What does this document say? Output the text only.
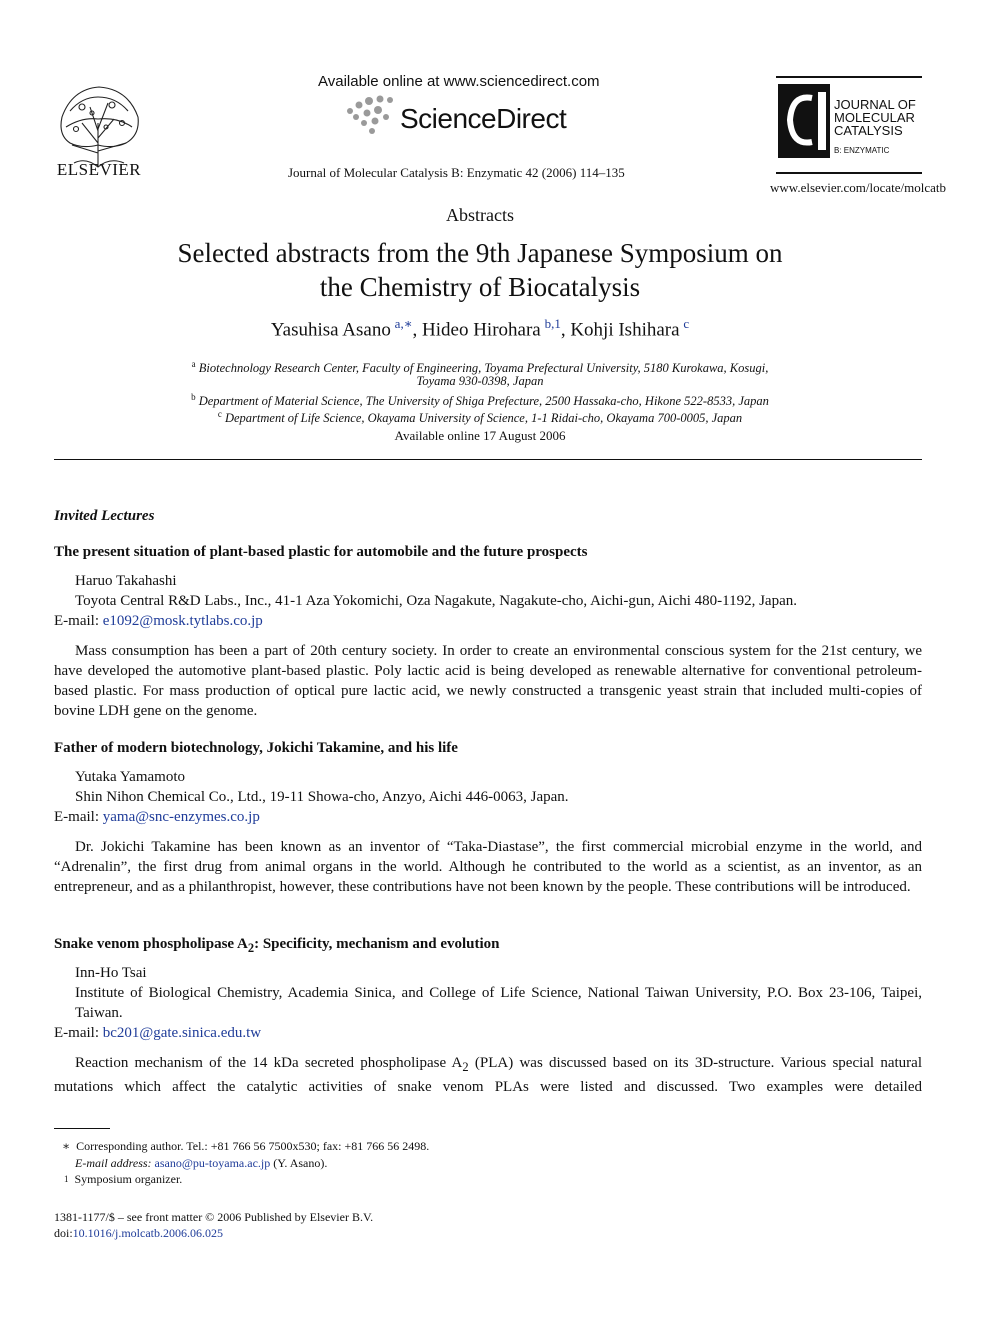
ELSEVIER
Available online at www.sciencedirect.com
ScienceDirect
Journal of Molecular Catalysis B: Enzymatic 42 (2006) 114–135
JOURNAL OF
MOLECULAR
CATALYSIS
B: ENZYMATIC
www.elsevier.com/locate/molcatb
Abstracts
Selected abstracts from the 9th Japanese Symposium on
the Chemistry of Biocatalysis
Yasuhisa Asano  $^{a,∗}$, Hideo Hirohara  $^{b,1}$, Kohji Ishihara  $^c$
$^a$ Biotechnology Research Center, Faculty of Engineering, Toyama Prefectural University, 5180 Kurokawa, Kosugi,
Toyama 930-0398, Japan
$^b$ Department of Material Science, The University of Shiga Prefecture, 2500 Hassaka-cho, Hikone 522-8533, Japan
$^c$ Department of Life Science, Okayama University of Science, 1-1 Ridai-cho, Okayama 700-0005, Japan
Available online 17 August 2006
Invited Lectures
The present situation of plant-based plastic for automobile and the future prospects
Haruo Takahashi
Toyota Central R&D Labs., Inc., 41-1 Aza Yokomichi, Oza Nagakute, Nagakute-cho, Aichi-gun, Aichi 480-1192, Japan.
E-mail: e1092@mosk.tytlabs.co.jp
Mass consumption has been a part of 20th century society. In order to create an environmental conscious system for the 21st century, we have developed the automotive plant-based plastic. Poly lactic acid is being developed as renewable alternative for conventional petroleum-based plastic. For mass production of optical pure lactic acid, we newly constructed a transgenic yeast strain that included multi-copies of bovine LDH gene on the genome.
Father of modern biotechnology, Jokichi Takamine, and his life
Yutaka Yamamoto
Shin Nihon Chemical Co., Ltd., 19-11 Showa-cho, Anzyo, Aichi 446-0063, Japan.
E-mail: yama@snc-enzymes.co.jp
Dr. Jokichi Takamine has been known as an inventor of “Taka-Diastase”, the first commercial microbial enzyme in the world, and “Adrenalin”, the first drug from animal organs in the world. Although he contributed to the world as a scientist, as an inventor, as an entrepreneur, and as a philanthropist, however, these contributions have not been known by the people. These contributions will be introduced.
Snake venom phospholipase $A_2$: Specificity, mechanism and evolution
Inn-Ho Tsai
Institute of Biological Chemistry, Academia Sinica, and College of Life Science, National Taiwan University, P.O. Box 23-106, Taipei, Taiwan.
E-mail: bc201@gate.sinica.edu.tw
Reaction mechanism of the 14 kDa secreted phospholipase $A_2$ (PLA) was discussed based on its 3D-structure. Various special natural mutations which affect the catalytic activities of snake venom PLAs were listed and discussed. Two examples were detailed
∗ Corresponding author. Tel.: +81 766 56 7500x530; fax: +81 766 56 2498.
E-mail address: asano@pu-toyama.ac.jp (Y. Asano).
$^1$ Symposium organizer.
1381-1177/$ – see front matter © 2006 Published by Elsevier B.V.
doi:10.1016/j.molcatb.2006.06.025
